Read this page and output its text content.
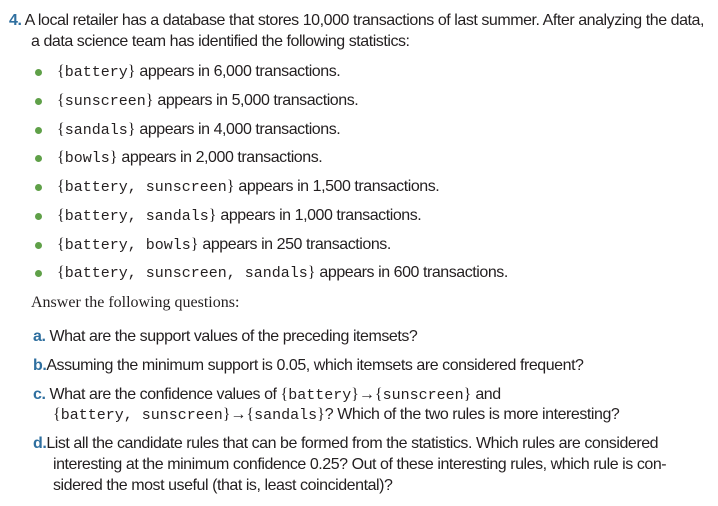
4. A local retailer has a database that stores 10,000 transactions of last summer. After analyzing the data,
a data science team has identified the following statistics:
{battery} appears in 6,000 transactions.
{sunscreen} appears in 5,000 transactions.
{sandals} appears in 4,000 transactions.
{bowls} appears in 2,000 transactions.
{battery, sunscreen} appears in 1,500 transactions.
{battery, sandals} appears in 1,000 transactions.
{battery, bowls} appears in 250 transactions.
{battery, sunscreen, sandals} appears in 600 transactions.
Answer the following questions:
a. What are the support values of the preceding itemsets?
b.Assuming the minimum support is 0.05, which itemsets are considered frequent?
c. What are the confidence values of {battery}→{sunscreen} and
{battery, sunscreen}→{sandals}? Which of the two rules is more interesting?
d.List all the candidate rules that can be formed from the statistics. Which rules are considered
interesting at the minimum confidence 0.25? Out of these interesting rules, which rule is con-
sidered the most useful (that is, least coincidental)?
